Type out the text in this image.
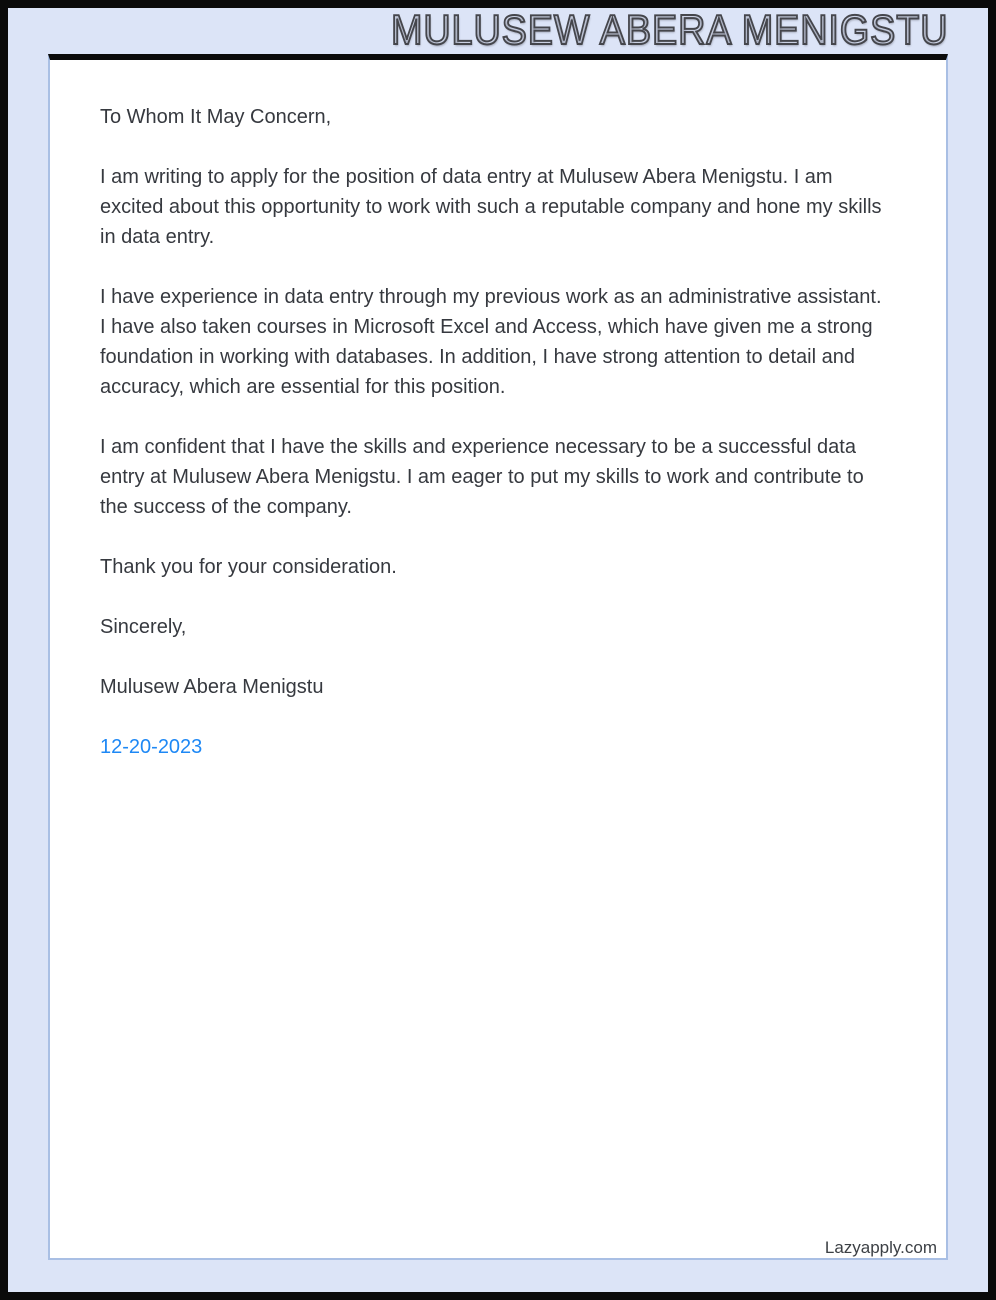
MULUSEW ABERA MENIGSTU

To Whom It May Concern,

I am writing to apply for the position of data entry at Mulusew Abera Menigstu. I am excited about this opportunity to work with such a reputable company and hone my skills in data entry.

I have experience in data entry through my previous work as an administrative assistant. I have also taken courses in Microsoft Excel and Access, which have given me a strong foundation in working with databases. In addition, I have strong attention to detail and accuracy, which are essential for this position.

I am confident that I have the skills and experience necessary to be a successful data entry at Mulusew Abera Menigstu. I am eager to put my skills to work and contribute to the success of the company.

Thank you for your consideration.

Sincerely,

Mulusew Abera Menigstu

12-20-2023

Lazyapply.com
